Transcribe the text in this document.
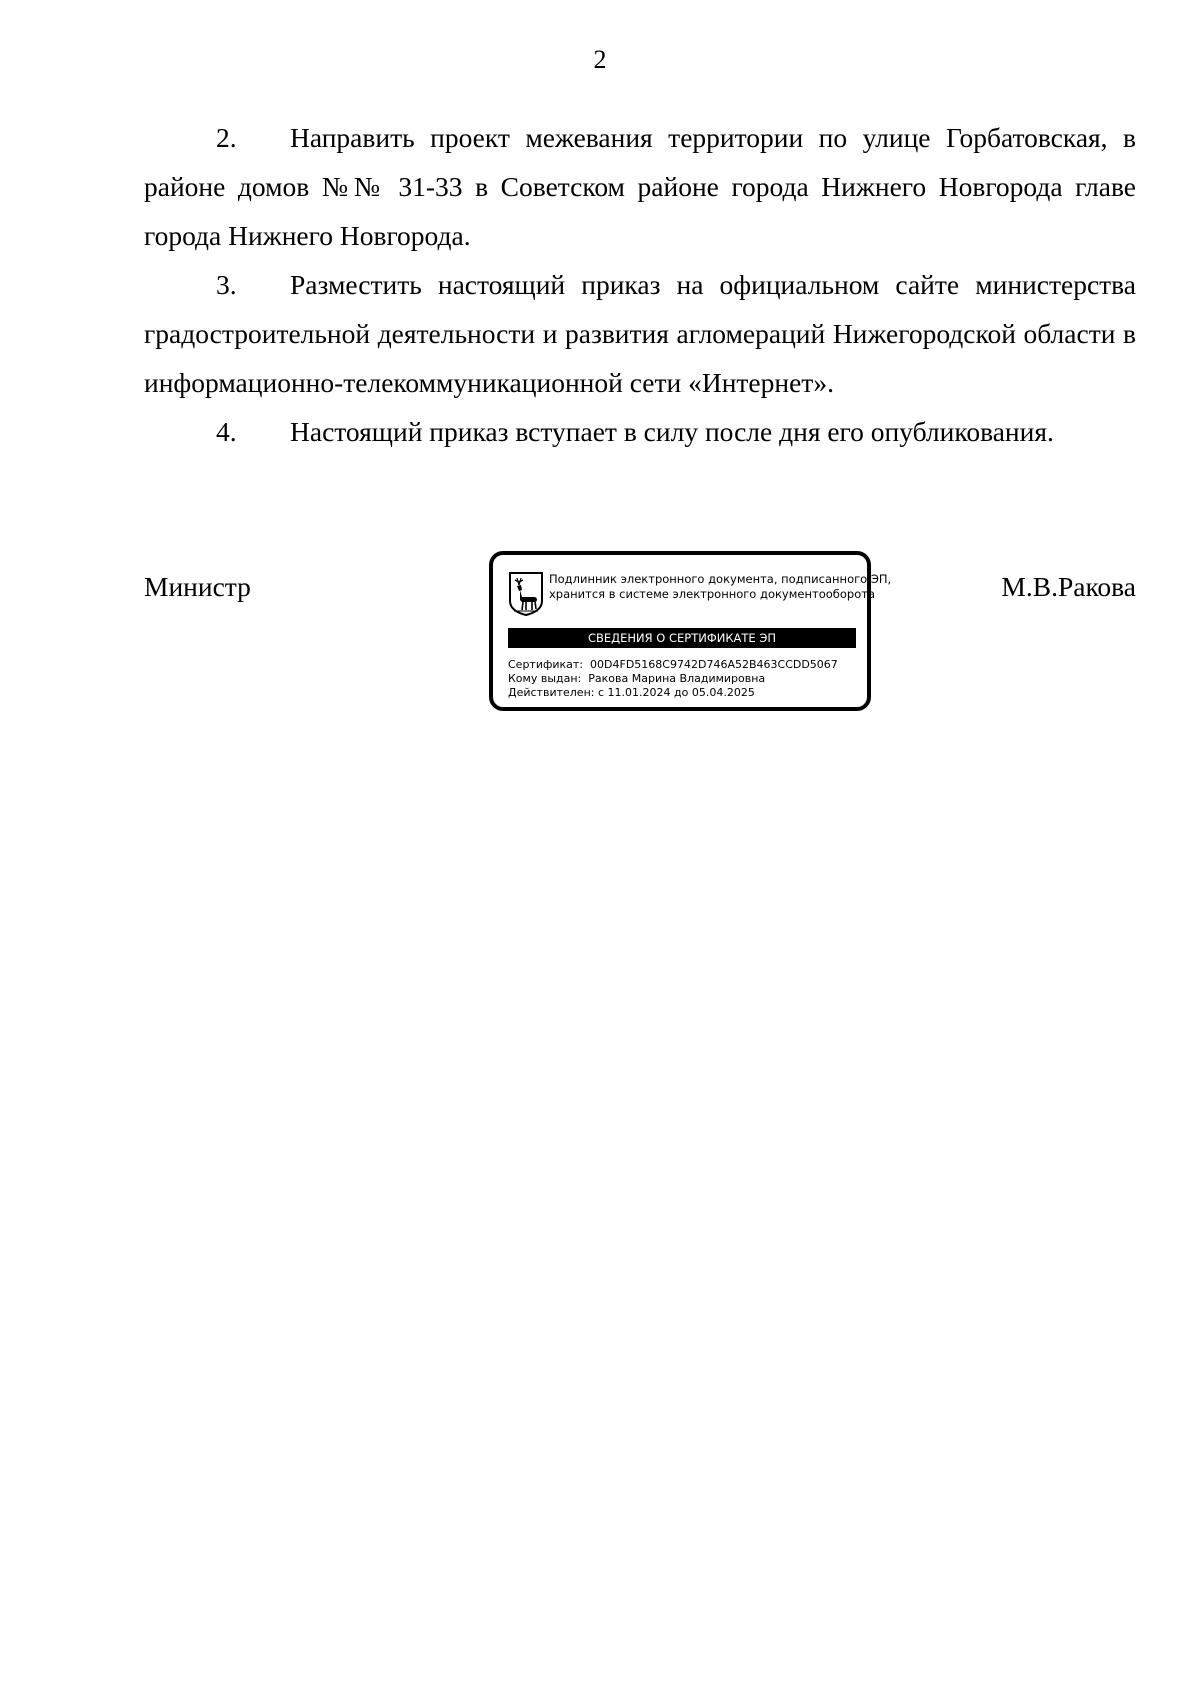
2

2. Направить проект межевания территории по улице Горбатовская, в районе домов №№ 31-33 в Советском районе города Нижнего Новгорода главе города Нижнего Новгорода.

3. Разместить настоящий приказ на официальном сайте министерства градостроительной деятельности и развития агломераций Нижегородской области в информационно-телекоммуникационной сети «Интернет».

4. Настоящий приказ вступает в силу после дня его опубликования.

Министр	М.В.Ракова
Подлинник электронного документа, подписанного ЭП,
хранится в системе электронного документооборота
СВЕДЕНИЯ О СЕРТИФИКАТЕ ЭП
Сертификат: 00D4FD5168C9742D746A52B463CCDD5067
Кому выдан: Ракова Марина Владимировна
Действителен: с 11.01.2024 до 05.04.2025
